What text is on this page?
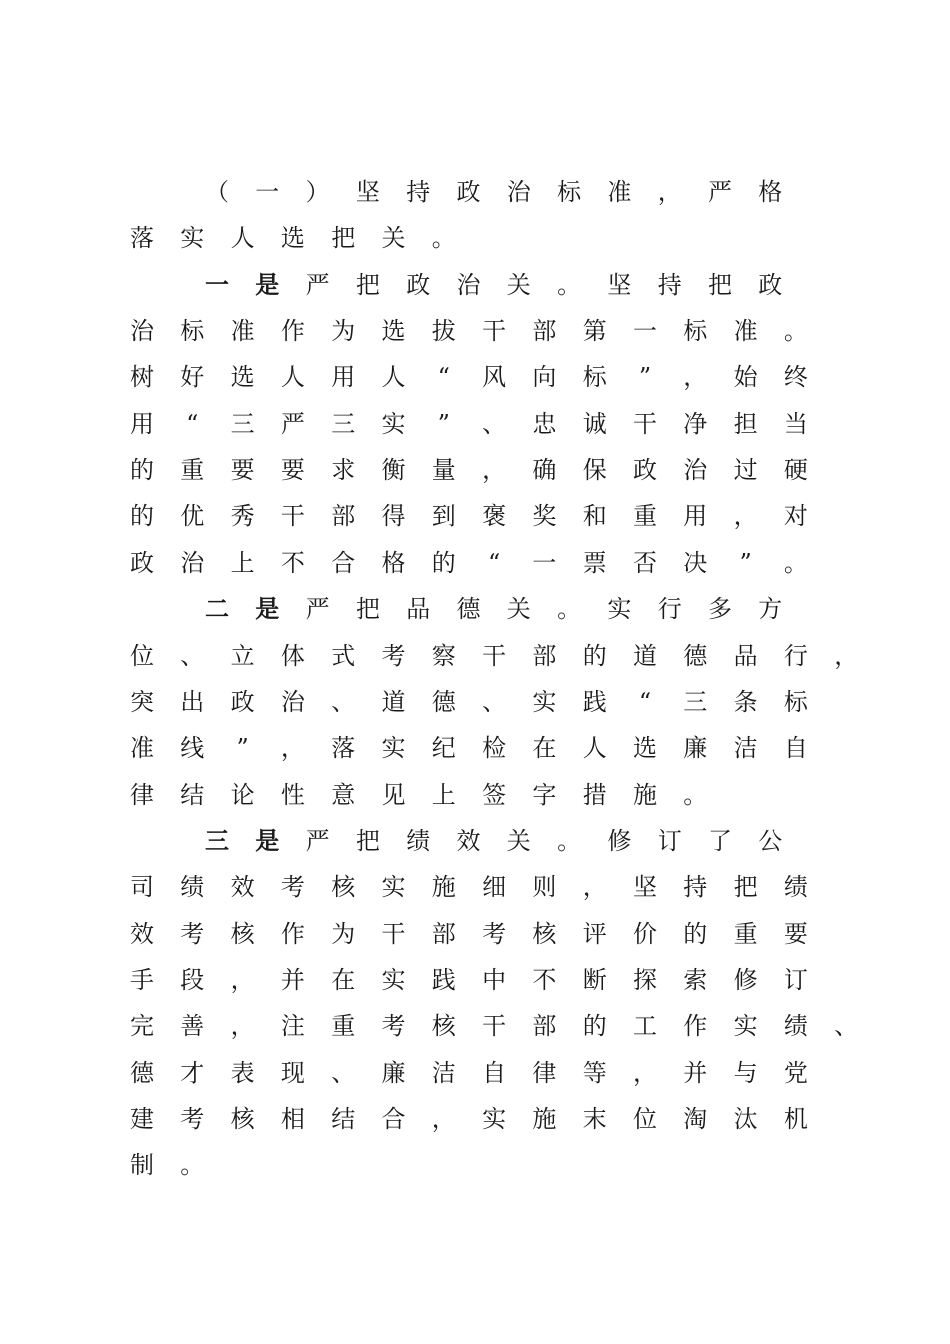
（	一	）	坚	持	政	治	标	准	，	严	格
落	实	人	选	把	关	。
一	是	严	把	政	治	关	。	坚	持	把	政
治	标	准	作	为	选	拔	干	部	第	一	标	准	。
树	好	选	人	用	人	“	风	向	标	”	，	始	终
用	“	三	严	三	实	”	、	忠	诚	干	净	担	当
的	重	要	要	求	衡	量	，	确	保	政	治	过	硬
的	优	秀	干	部	得	到	褒	奖	和	重	用	，	对
政	治	上	不	合	格	的	“	一	票	否	决	”	。
二	是	严	把	品	德	关	。	实	行	多	方
位	、	立	体	式	考	察	干	部	的	道	德	品	行	，
突	出	政	治	、	道	德	、	实	践	“	三	条	标
准	线	”	，	落	实	纪	检	在	人	选	廉	洁	自
律	结	论	性	意	见	上	签	字	措	施	。
三	是	严	把	绩	效	关	。	修	订	了	公
司	绩	效	考	核	实	施	细	则	，	坚	持	把	绩
效	考	核	作	为	干	部	考	核	评	价	的	重	要
手	段	，	并	在	实	践	中	不	断	探	索	修	订
完	善	，	注	重	考	核	干	部	的	工	作	实	绩	、
德	才	表	现	、	廉	洁	自	律	等	，	并	与	党
建	考	核	相	结	合	，	实	施	末	位	淘	汰	机
制	。
